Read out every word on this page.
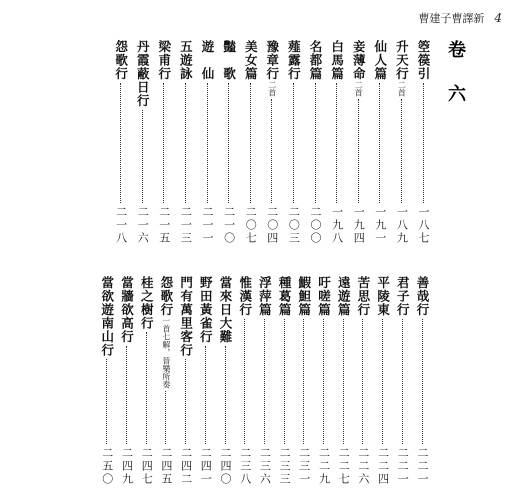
曹建子曹譯新 4
卷 六
箜篌引
一八七
升天行二首
一八九
仙人篇
一九一
妾薄命二首
一九四
白馬篇
一九八
名都篇
二〇〇
薤露行
二〇三
豫章行二首
二〇四
美女篇
二〇七
豔　歌
二一〇
遊　仙
二一一
五遊詠
二一三
梁甫行
二一五
丹霞蔽日行
二一六
怨歌行
二一八
善哉行
二二一
君子行
二二一
平陵東
二二四
苦思行
二二六
遠遊篇
二二七
吁嗟篇
二二九
鰕䱇篇
二三一
種葛篇
二三三
浮萍篇
二三六
惟漢行
二三八
當來日大難
二四〇
野田黃雀行
二四一
門有萬里客行
二四二
怨歌行一首七解，晉樂所奏
二四五
桂之樹行
二四七
當牆欲高行
二四九
當欲遊南山行
二五〇
